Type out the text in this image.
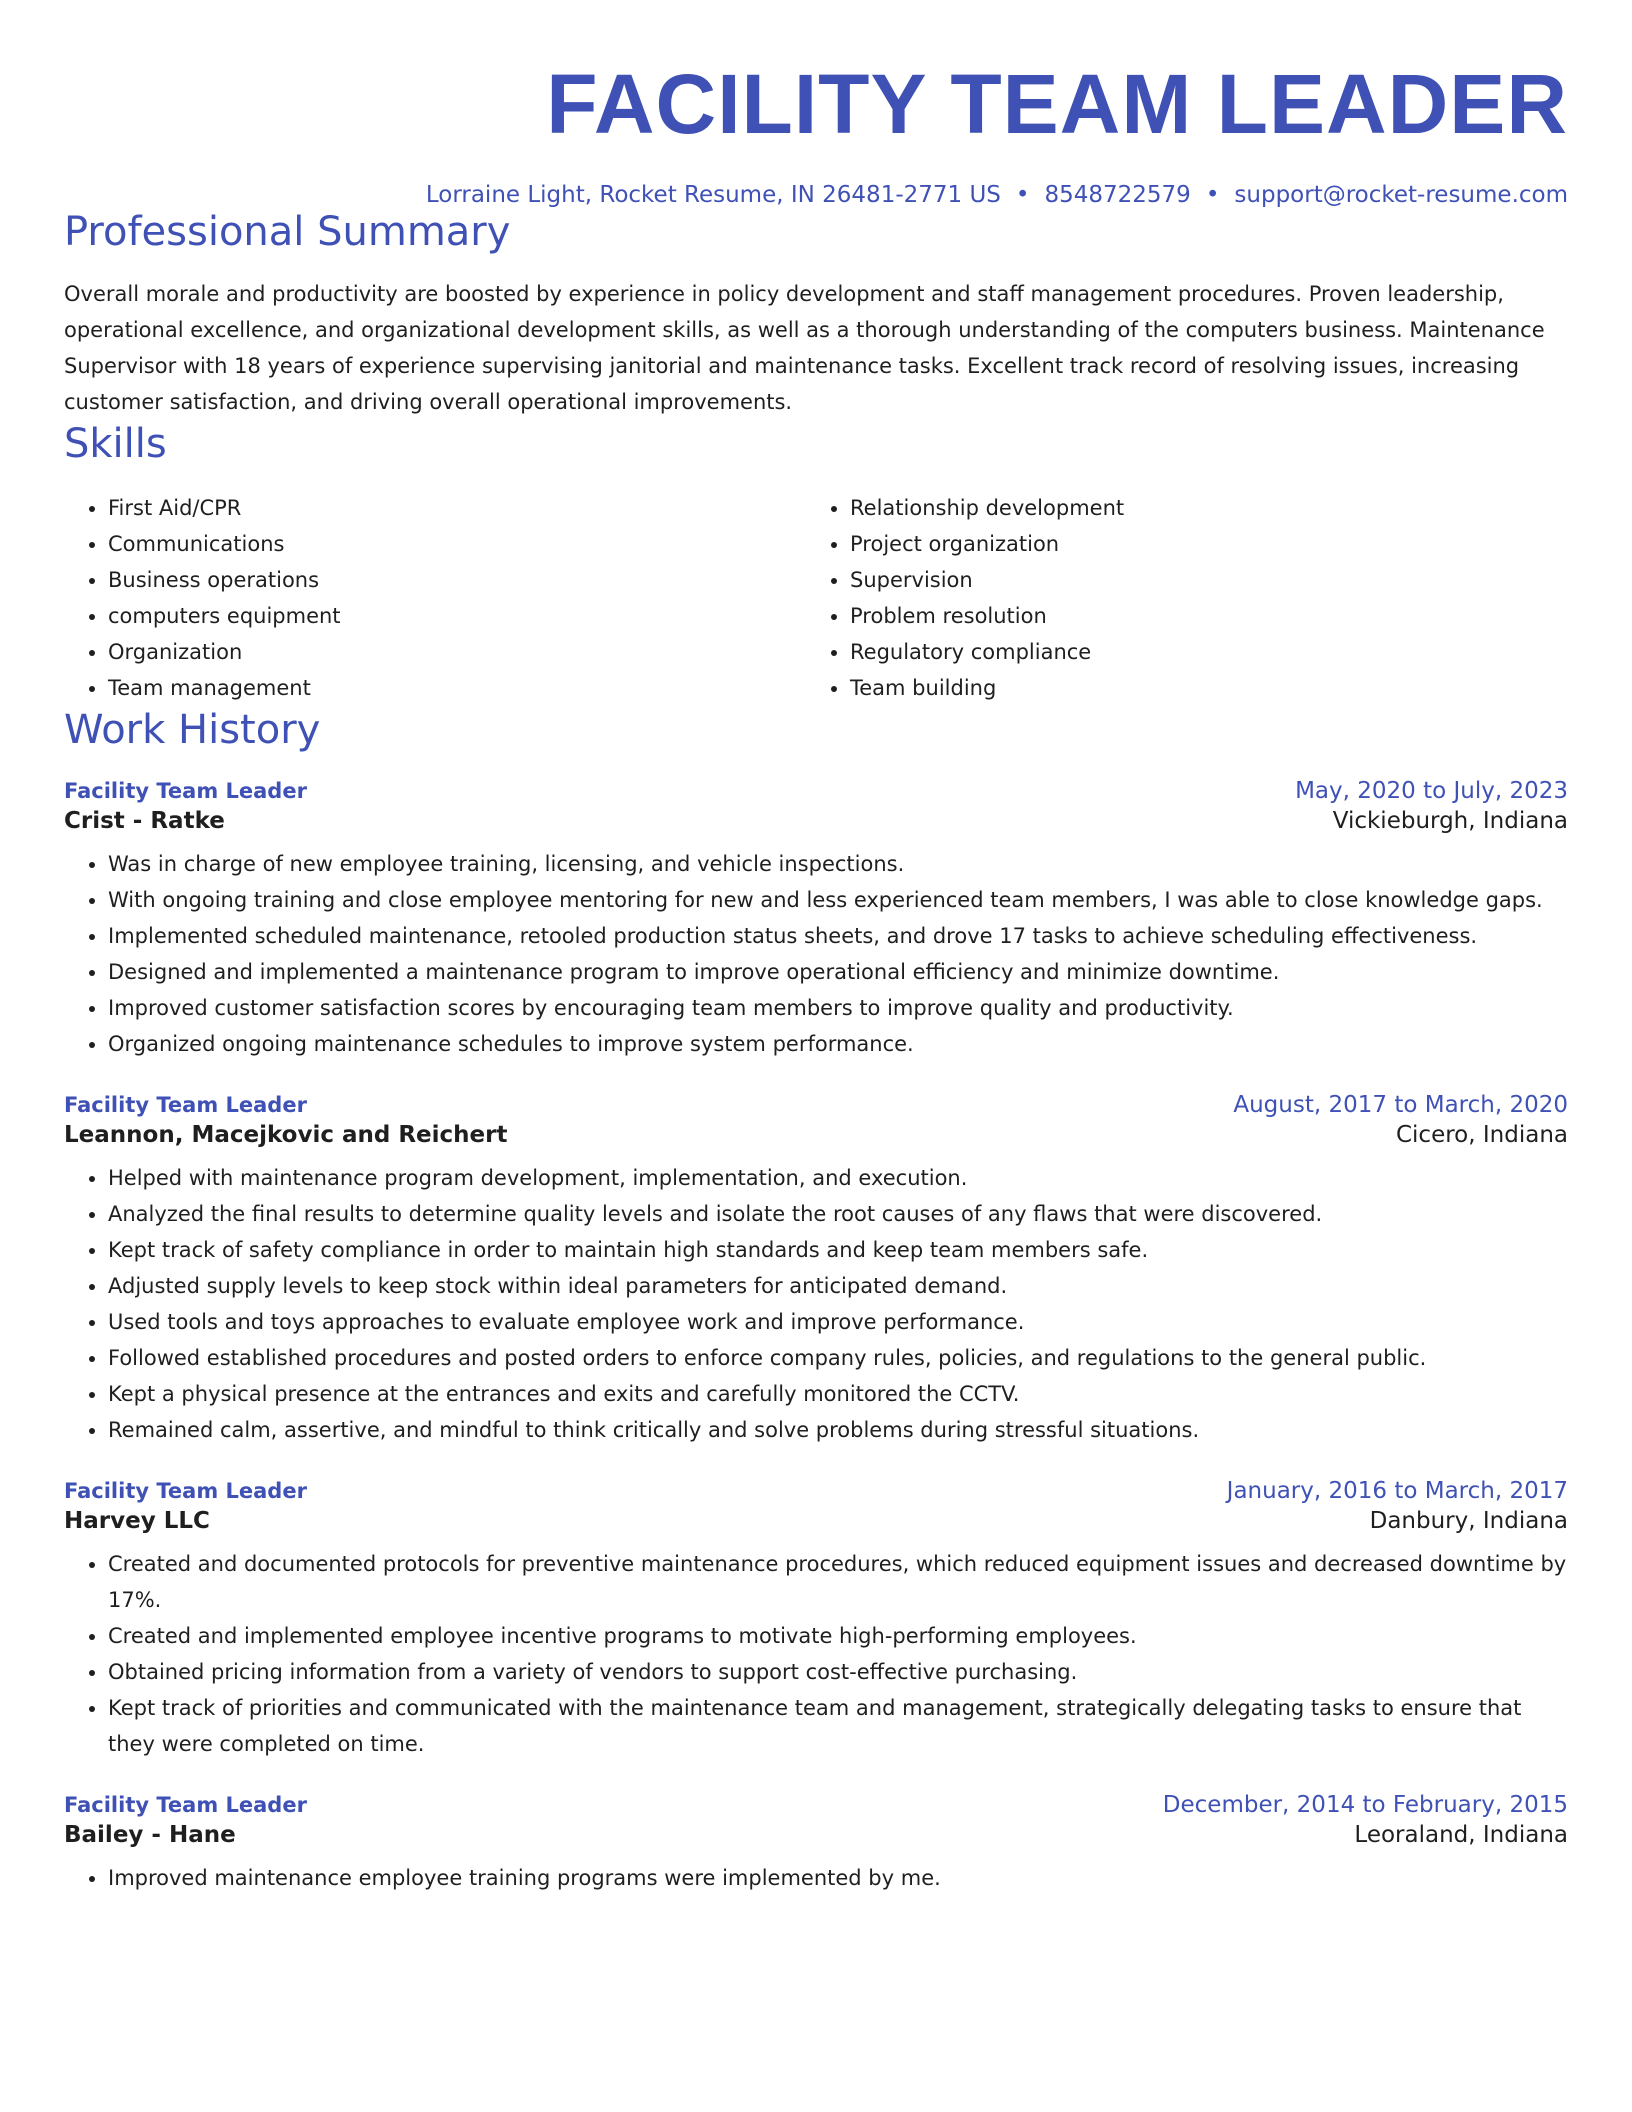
FACILITY TEAM LEADER
Lorraine Light, Rocket Resume, IN 26481-2771 US • 8548722579 • support@rocket-resume.com
Professional Summary

Overall morale and productivity are boosted by experience in policy development and staff management procedures. Proven leadership, operational excellence, and organizational development skills, as well as a thorough understanding of the computers business. Maintenance Supervisor with 18 years of experience supervising janitorial and maintenance tasks. Excellent track record of resolving issues, increasing customer satisfaction, and driving overall operational improvements.

Skills
• First Aid/CPR
• Communications
• Business operations
• computers equipment
• Organization
• Team management
• Relationship development
• Project organization
• Supervision
• Problem resolution
• Regulatory compliance
• Team building
Work History
Facility Team Leader	May, 2020 to July, 2023
Crist - Ratke	Vickieburgh, Indiana
• Was in charge of new employee training, licensing, and vehicle inspections.
• With ongoing training and close employee mentoring for new and less experienced team members, I was able to close knowledge gaps.
• Implemented scheduled maintenance, retooled production status sheets, and drove 17 tasks to achieve scheduling effectiveness.
• Designed and implemented a maintenance program to improve operational efficiency and minimize downtime.
• Improved customer satisfaction scores by encouraging team members to improve quality and productivity.
• Organized ongoing maintenance schedules to improve system performance.
Facility Team Leader	August, 2017 to March, 2020
Leannon, Macejkovic and Reichert	Cicero, Indiana
• Helped with maintenance program development, implementation, and execution.
• Analyzed the final results to determine quality levels and isolate the root causes of any flaws that were discovered.
• Kept track of safety compliance in order to maintain high standards and keep team members safe.
• Adjusted supply levels to keep stock within ideal parameters for anticipated demand.
• Used tools and toys approaches to evaluate employee work and improve performance.
• Followed established procedures and posted orders to enforce company rules, policies, and regulations to the general public.
• Kept a physical presence at the entrances and exits and carefully monitored the CCTV.
• Remained calm, assertive, and mindful to think critically and solve problems during stressful situations.
Facility Team Leader	January, 2016 to March, 2017
Harvey LLC	Danbury, Indiana
• Created and documented protocols for preventive maintenance procedures, which reduced equipment issues and decreased downtime by 17%.
• Created and implemented employee incentive programs to motivate high-performing employees.
• Obtained pricing information from a variety of vendors to support cost-effective purchasing.
• Kept track of priorities and communicated with the maintenance team and management, strategically delegating tasks to ensure that they were completed on time.
Facility Team Leader	December, 2014 to February, 2015
Bailey - Hane	Leoraland, Indiana
• Improved maintenance employee training programs were implemented by me.
